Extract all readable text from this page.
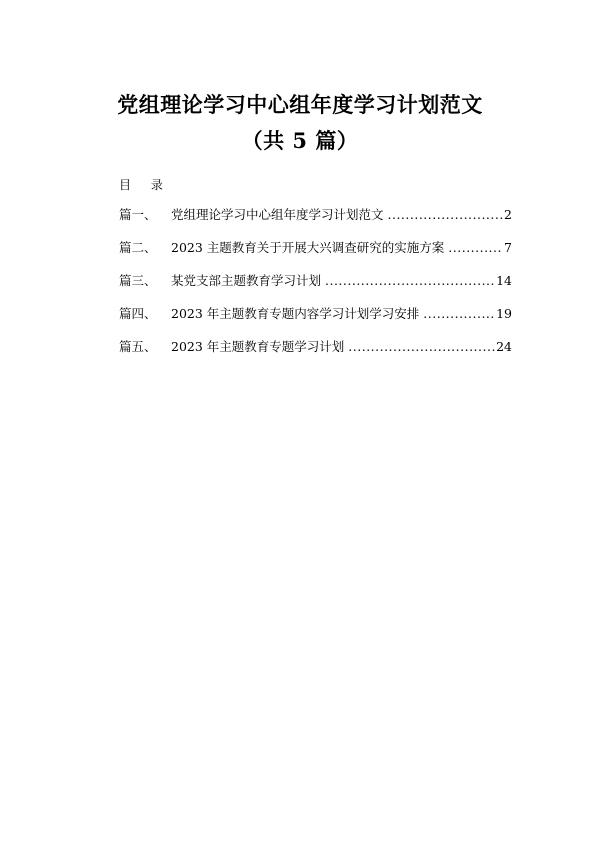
党组理论学习中心组年度学习计划范文
（共 5 篇）
目 录
篇一、	党组理论学习中心组年度学习计划范文 .....	2
篇二、	2023 主题教育关于开展大兴调查研究的实施方案 .....	7
篇三、	某党支部主题教育学习计划 .....	14
篇四、	2023 年主题教育专题内容学习计划学习安排 .....	19
篇五、	2023 年主题教育专题学习计划 .....	24
